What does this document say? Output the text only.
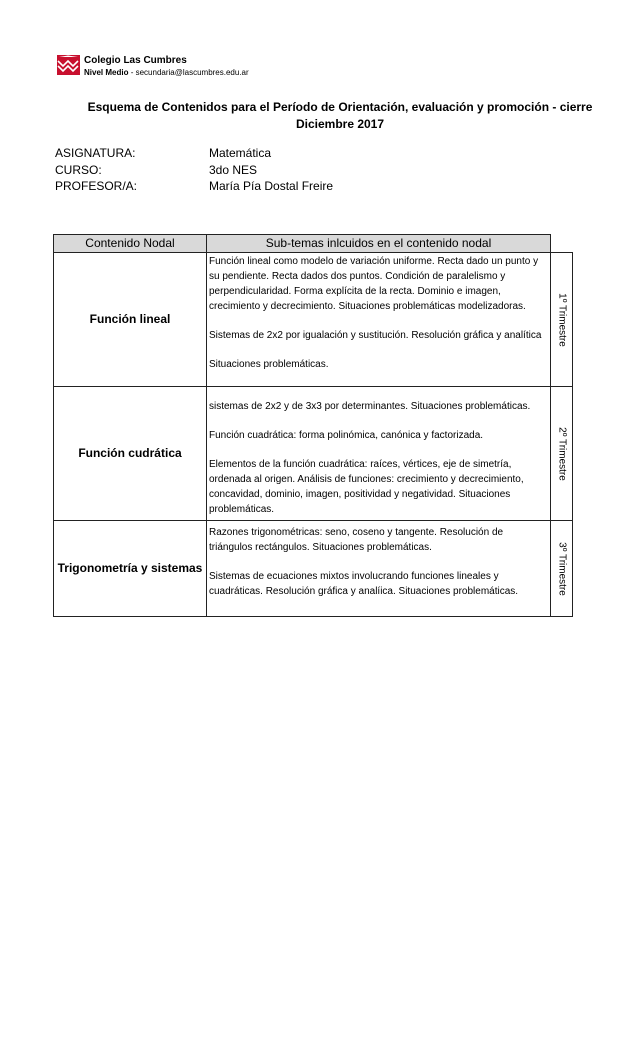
Colegio Las Cumbres
Nivel Medio - secundaria@lascumbres.edu.ar
Esquema de Contenidos para el Período de Orientación, evaluación y promoción - cierre
Diciembre 2017
ASIGNATURA:	Matemática
CURSO:	3do NES
PROFESOR/A:	María Pía Dostal Freire
Contenido Nodal	Sub-temas inlcuidos en el contenido nodal	
Función lineal	Función lineal como modelo de variación uniforme. Recta dado un punto y su pendiente. Recta dados dos puntos. Condición de paralelismo y perpendicularidad. Forma explícita de la recta. Dominio e imagen, crecimiento y decrecimiento. Situaciones problemáticas modelizadoras.

Sistemas de 2x2 por igualación y sustitución. Resolución gráfica y analítica

Situaciones problemáticas.	1º Trimestre

Función cudrática	sistemas de 2x2 y de 3x3 por determinantes. Situaciones problemáticas.

Función cuadrática: forma polinómica, canónica y factorizada.

Elementos de la función cuadrática: raíces, vértices, eje de simetría, ordenada al origen. Análisis de funciones: crecimiento y decrecimiento, concavidad, dominio, imagen, positividad y negatividad. Situaciones problemáticas.	2º Trimestre

Trigonometría y sistemas	Razones trigonométricas: seno, coseno y tangente. Resolución de triángulos rectángulos. Situaciones problemáticas.

Sistemas de ecuaciones mixtos involucrando funciones lineales y cuadráticas. Resolución gráfica y analíica. Situaciones problemáticas.	3º Trimestre
